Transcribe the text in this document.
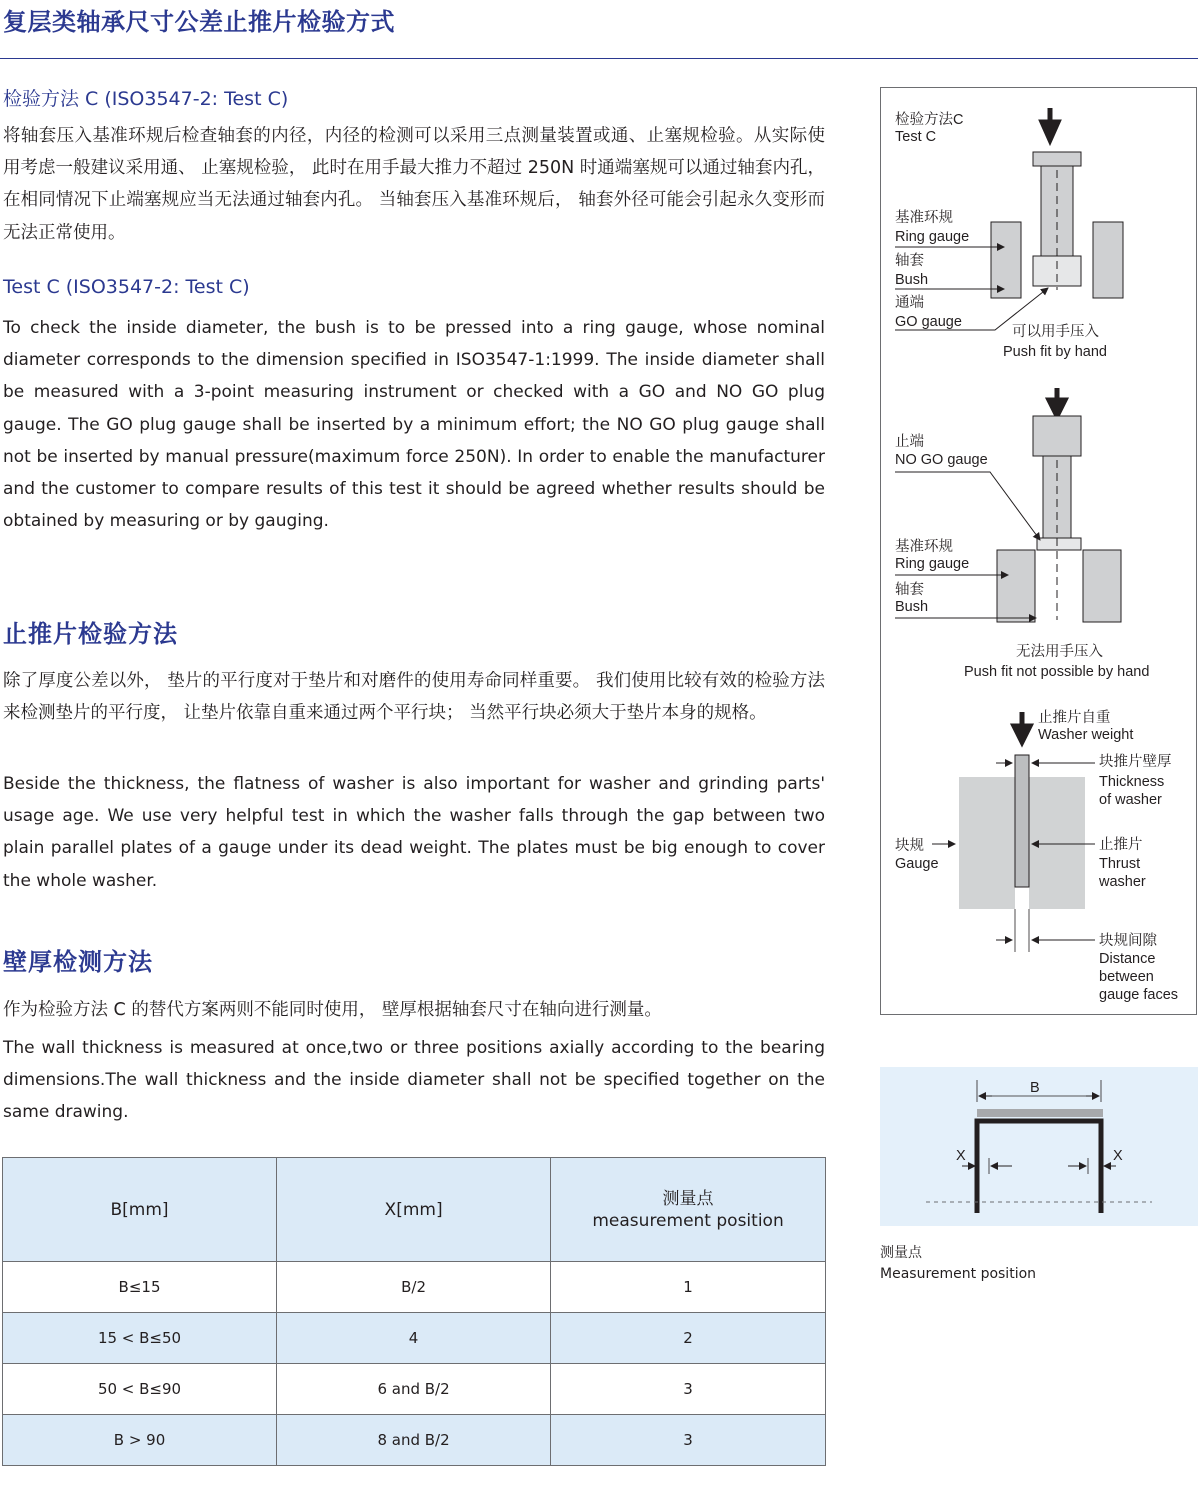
复层类轴承尺寸公差止推片检验方式
检验方法 C (ISO3547-2: Test C)

将轴套压入基准环规后检查轴套的内径，内径的检测可以采用三点测量装置或通、止塞规检验。从实际使用考虑一般建议采用通、 止塞规检验， 此时在用手最大推力不超过 250N 时通端塞规可以通过轴套内孔， 在相同情况下止端塞规应当无法通过轴套内孔。 当轴套压入基准环规后， 轴套外径可能会引起永久变形而无法正常使用。

Test C (ISO3547-2: Test C)

To check the inside diameter, the bush is to be pressed into a ring gauge, whose nominal diameter corresponds to the dimension specified in ISO3547-1:1999. The inside diameter shall be measured with a 3-point measuring instrument or checked with a GO and NO GO plug gauge. The GO plug gauge shall be inserted by a minimum effort; the NO GO plug gauge shall not be inserted by manual pressure(maximum force 250N). In order to enable the manufacturer and the customer to compare results of this test it should be agreed whether results should be obtained by measuring or by gauging.

止推片检验方法

除了厚度公差以外， 垫片的平行度对于垫片和对磨件的使用寿命同样重要。 我们使用比较有效的检验方法来检测垫片的平行度， 让垫片依靠自重来通过两个平行块； 当然平行块必须大于垫片本身的规格。

Beside the thickness, the flatness of washer is also important for washer and grinding parts' usage age. We use very helpful test in which the washer falls through the gap between two plain parallel plates of a gauge under its dead weight. The plates must be big enough to cover the whole washer.

壁厚检测方法

作为检验方法 C 的替代方案两则不能同时使用， 壁厚根据轴套尺寸在轴向进行测量。

The wall thickness is measured at once,two or three positions axially according to the bearing dimensions.The wall thickness and the inside diameter shall not be specified together on the same drawing.

B[mm]	X[mm]	测量点
measurement position
B≤15	B/2	1
15 < B≤50	4	2
50 < B≤90	6 and B/2	3
B > 90	8 and B/2	3
检验方法C
Test C
基准环规
Ring gauge
轴套
Bush
通端
GO gauge
可以用手压入
Push fit by hand
止端
NO GO gauge
基准环规
Ring gauge
轴套
Bush
无法用手压入
Push fit not possible by hand
止推片自重
Washer weight
块推片壁厚
Thickness
of washer
块规
Gauge
止推片
Thrust
washer
块规间隙
Distance
between
gauge faces
B
X	X
测量点
Measurement position
